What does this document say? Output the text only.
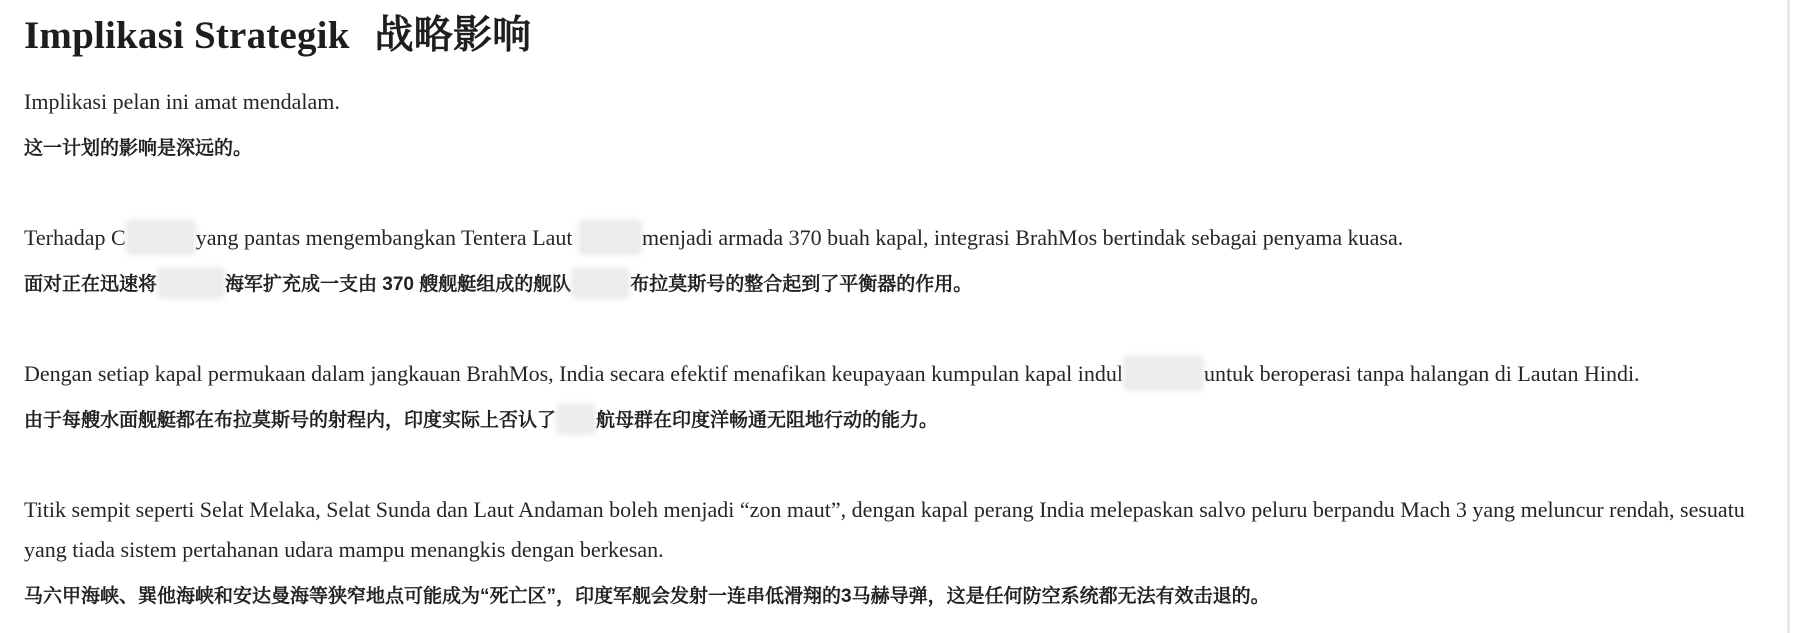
Implikasi Strategik 战略影响

Implikasi pelan ini amat mendalam.

这一计划的影响是深远的。

Terhadap C	yang pantas mengembangkan Tentera Laut	menjadi armada 370 buah kapal, integrasi BrahMos bertindak sebagai penyama kuasa.

面对正在迅速将	海军扩充成一支由 370 艘舰艇组成的舰队	布拉莫斯号的整合起到了平衡器的作用。

Dengan setiap kapal permukaan dalam jangkauan BrahMos, India secara efektif menafikan keupayaan kumpulan kapal indul	untuk beroperasi tanpa halangan di Lautan Hindi.

由于每艘水面舰艇都在布拉莫斯号的射程内，印度实际上否认了 航母群在印度洋畅通无阻地行动的能力。

Titik sempit seperti Selat Melaka, Selat Sunda dan Laut Andaman boleh menjadi “zon maut”, dengan kapal perang India melepaskan salvo peluru berpandu Mach 3 yang meluncur rendah, sesuatu yang tiada sistem pertahanan udara mampu menangkis dengan berkesan.

马六甲海峡、巽他海峡和安达曼海等狭窄地点可能成为“死亡区”，印度军舰会发射一连串低滑翔的3马赫导弹，这是任何防空系统都无法有效击退的。
